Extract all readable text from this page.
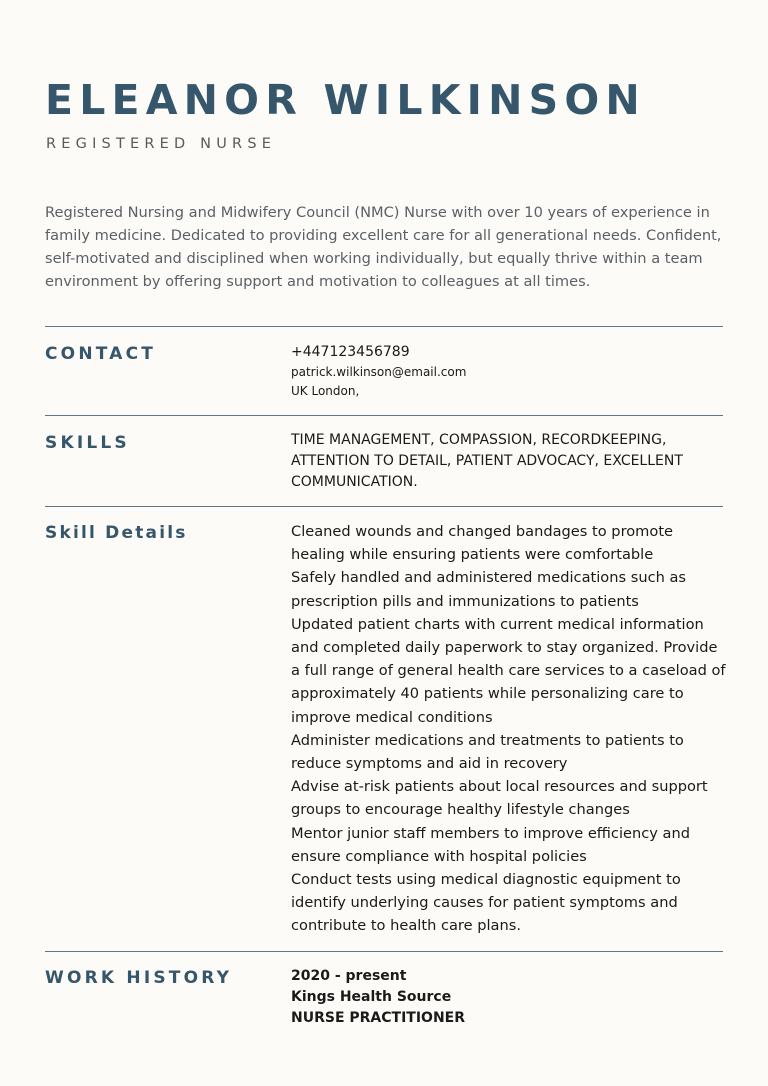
ELEANOR WILKINSON
REGISTERED NURSE
Registered Nursing and Midwifery Council (NMC) Nurse with over 10 years of experience in family medicine. Dedicated to providing excellent care for all generational needs. Confident, self-motivated and disciplined when working individually, but equally thrive within a team environment by offering support and motivation to colleagues at all times.
CONTACT	+447123456789
patrick.wilkinson@email.com
UK London,
SKILLS	TIME MANAGEMENT, COMPASSION, RECORDKEEPING, ATTENTION TO DETAIL, PATIENT ADVOCACY, EXCELLENT COMMUNICATION.
Skill Details	Cleaned wounds and changed bandages to promote healing while ensuring patients were comfortable
Safely handled and administered medications such as prescription pills and immunizations to patients
Updated patient charts with current medical information and completed daily paperwork to stay organized. Provide a full range of general health care services to a caseload of approximately 40 patients while personalizing care to improve medical conditions
Administer medications and treatments to patients to reduce symptoms and aid in recovery
Advise at-risk patients about local resources and support groups to encourage healthy lifestyle changes
Mentor junior staff members to improve efficiency and ensure compliance with hospital policies
Conduct tests using medical diagnostic equipment to identify underlying causes for patient symptoms and contribute to health care plans.
WORK HISTORY	2020 - present
Kings Health Source
NURSE PRACTITIONER
